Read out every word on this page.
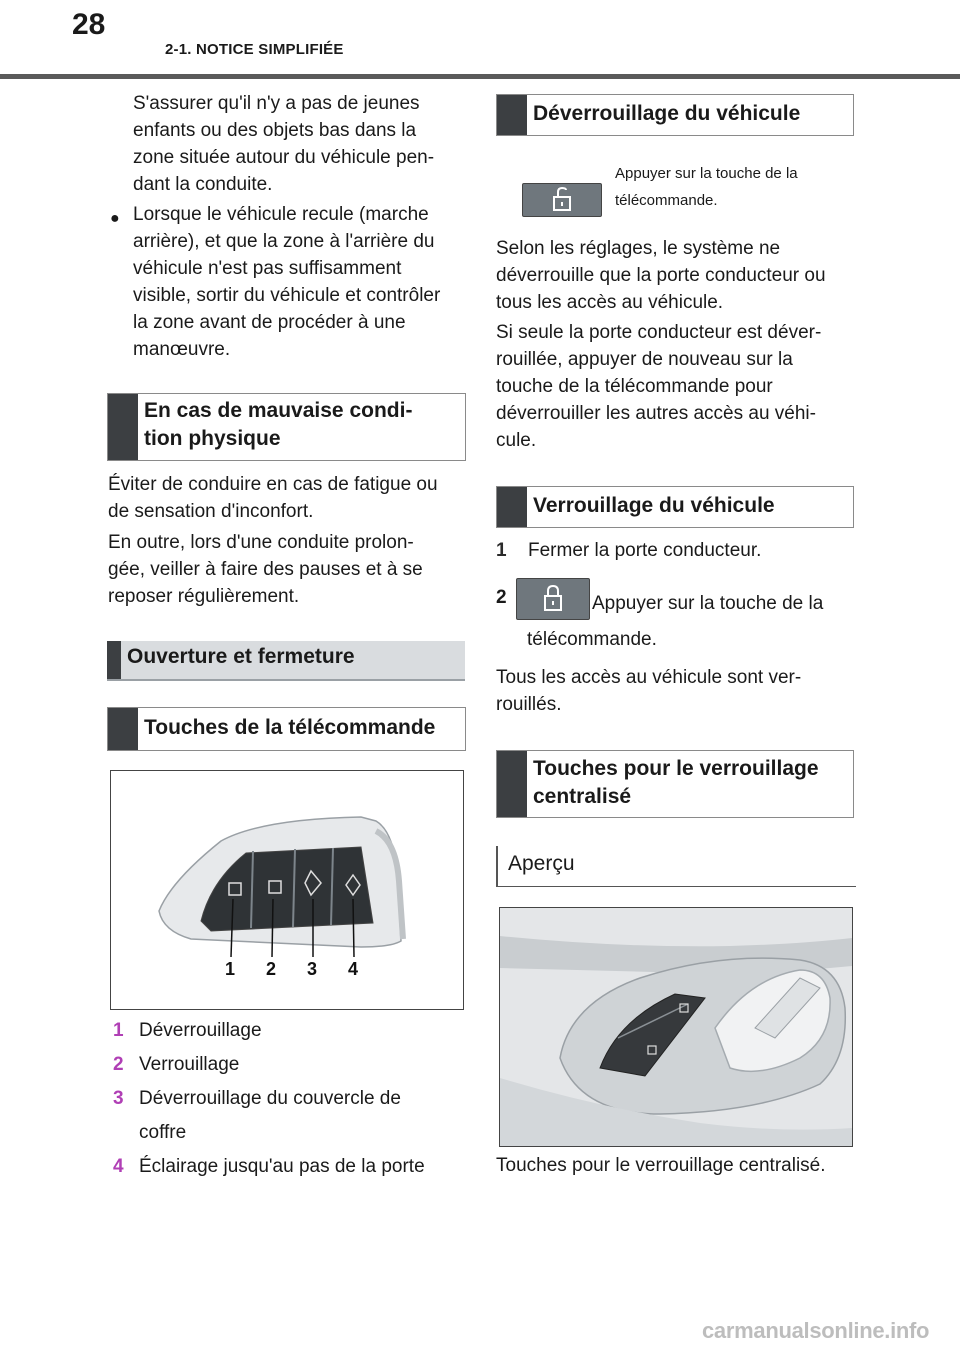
28
2-1. NOTICE SIMPLIFIÉE

S'assurer qu'il n'y a pas de jeunes

enfants ou des objets bas dans la

zone située autour du véhicule pen-

dant la conduite.

● Lorsque le véhicule recule (marche

arrière), et que la zone à l'arrière du

véhicule n'est pas suffisamment

visible, sortir du véhicule et contrôler

la zone avant de procéder à une

manœuvre.

En cas de mauvaise condi-
tion physique

Éviter de conduire en cas de fatigue ou

de sensation d'inconfort.

En outre, lors d'une conduite prolon-

gée, veiller à faire des pauses et à se

reposer régulièrement.

Ouverture et fermeture
Touches de la télécommande
1 2 3 4
1 Déverrouillage
2 Verrouillage
3 Déverrouillage du couvercle de
coffre
4 Éclairage jusqu'au pas de la porte
Déverrouillage du véhicule
Appuyer sur la touche de la
télécommande.

Selon les réglages, le système ne

déverrouille que la porte conducteur ou

tous les accès au véhicule.

Si seule la porte conducteur est déver-

rouillée, appuyer de nouveau sur la

touche de la télécommande pour

déverrouiller les autres accès au véhi-

cule.

Verrouillage du véhicule
1 Fermer la porte conducteur.
2	Appuyer sur la touche de la
télécommande.

Tous les accès au véhicule sont ver-

rouillés.

Touches pour le verrouillage
centralisé
Aperçu
Touches pour le verrouillage centralisé.
carmanualsonline.info
